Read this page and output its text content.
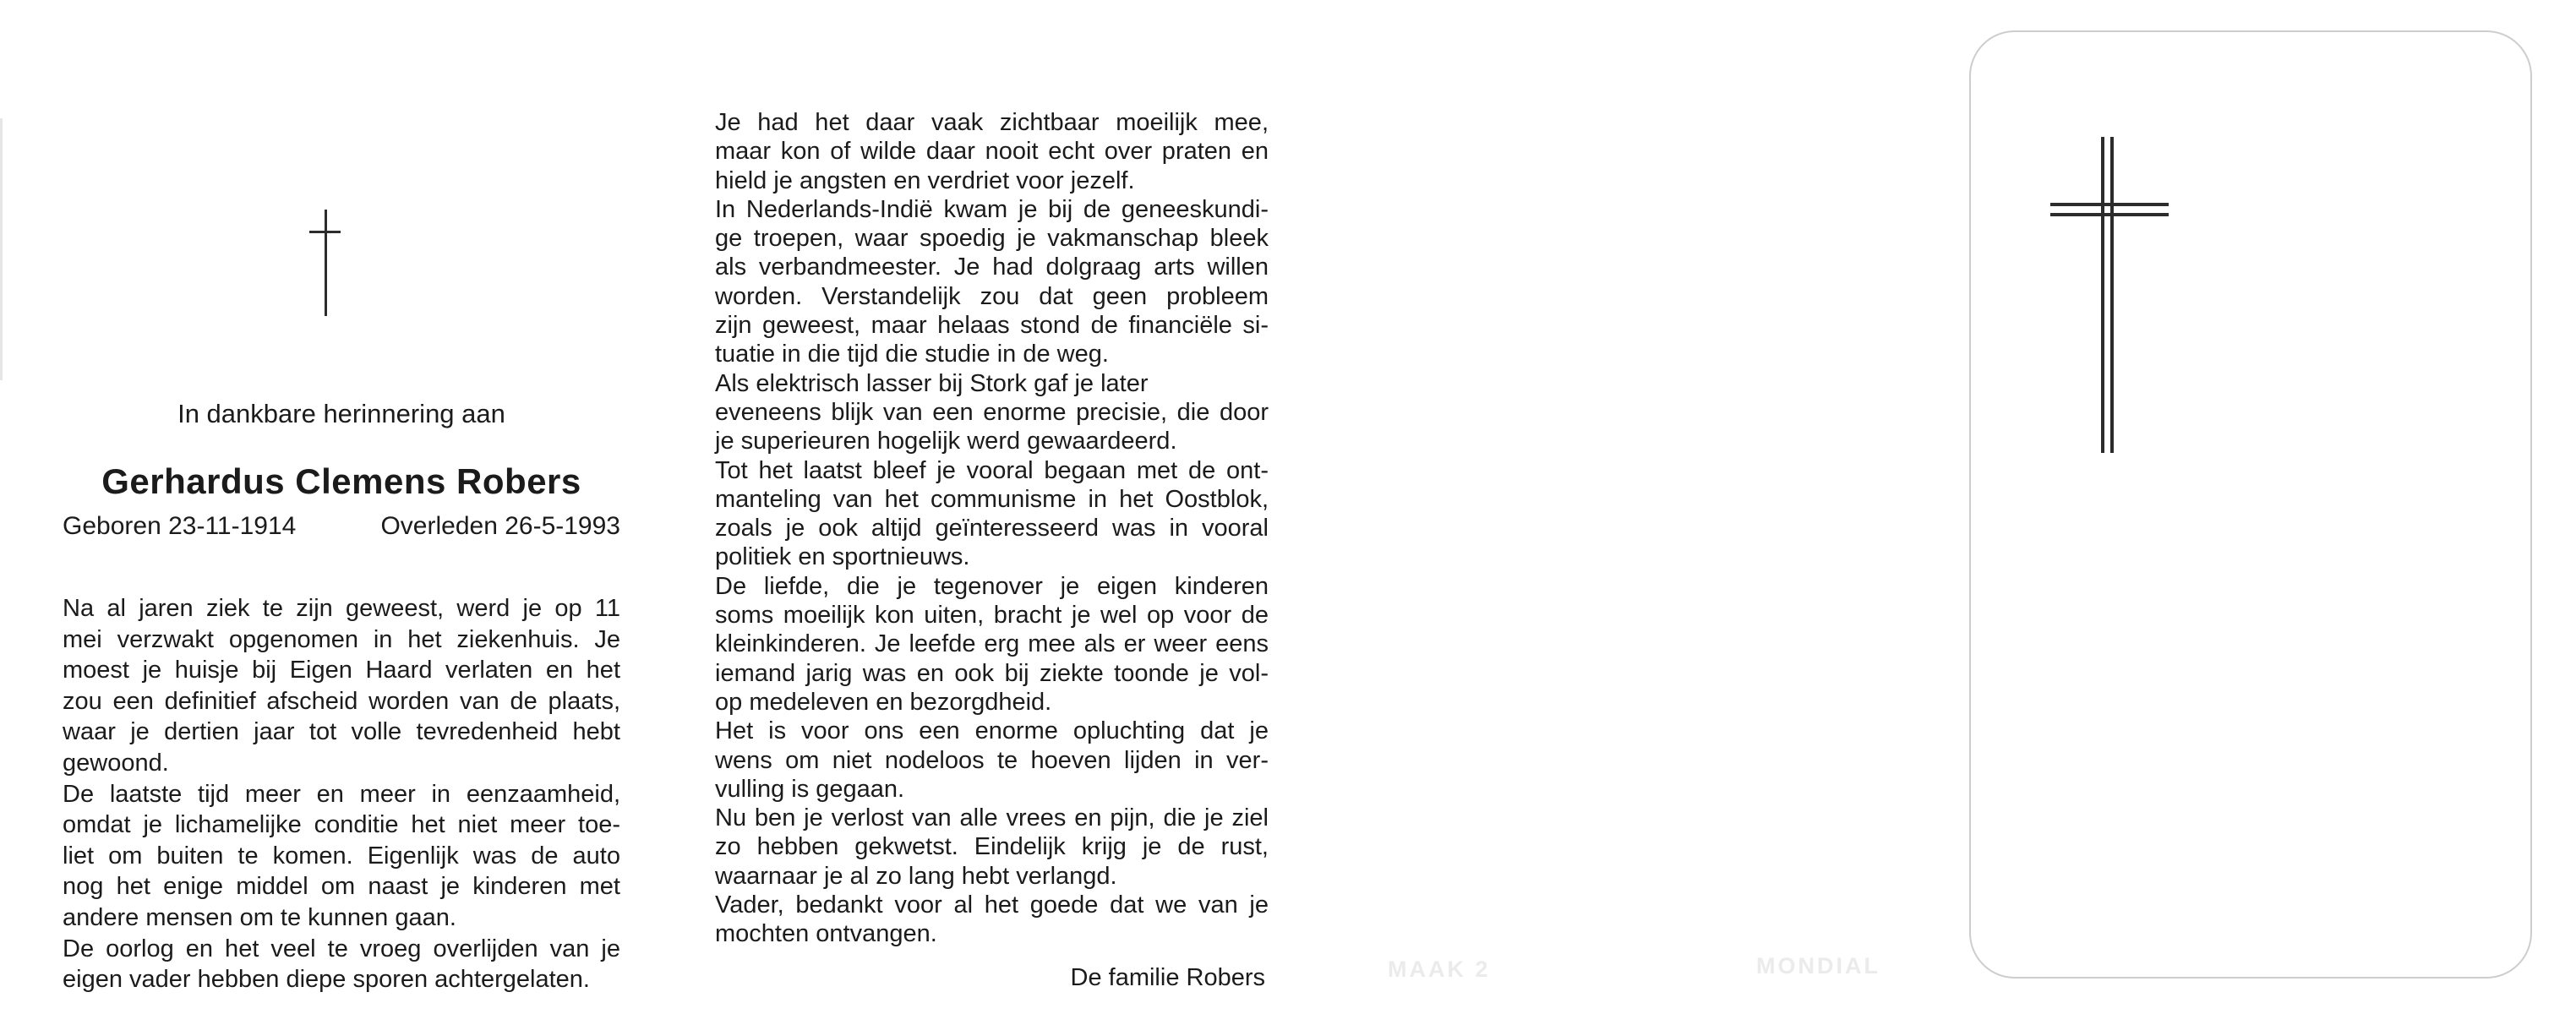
In dankbare herinnering aan
Gerhardus Clemens Robers
Geboren 23-11-1914	Overleden 26-5-1993
Na al jaren ziek te zijn geweest, werd je op 11
mei verzwakt opgenomen in het ziekenhuis. Je
moest je huisje bij Eigen Haard verlaten en het
zou een definitief afscheid worden van de plaats,
waar je dertien jaar tot volle tevredenheid hebt
gewoond.
De laatste tijd meer en meer in eenzaamheid,
omdat je lichamelijke conditie het niet meer toe-
liet om buiten te komen. Eigenlijk was de auto
nog het enige middel om naast je kinderen met
andere mensen om te kunnen gaan.
De oorlog en het veel te vroeg overlijden van je
eigen vader hebben diepe sporen achtergelaten.
Je had het daar vaak zichtbaar moeilijk mee,
maar kon of wilde daar nooit echt over praten en
hield je angsten en verdriet voor jezelf.
In Nederlands-Indië kwam je bij de geneeskundi-
ge troepen, waar spoedig je vakmanschap bleek
als verbandmeester. Je had dolgraag arts willen
worden. Verstandelijk zou dat geen probleem
zijn geweest, maar helaas stond de financiële si-
tuatie in die tijd die studie in de weg.
Als elektrisch lasser bij Stork gaf je later
eveneens blijk van een enorme precisie, die door
je superieuren hogelijk werd gewaardeerd.
Tot het laatst bleef je vooral begaan met de ont-
manteling van het communisme in het Oostblok,
zoals je ook altijd geïnteresseerd was in vooral
politiek en sportnieuws.
De liefde, die je tegenover je eigen kinderen
soms moeilijk kon uiten, bracht je wel op voor de
kleinkinderen. Je leefde erg mee als er weer eens
iemand jarig was en ook bij ziekte toonde je vol-
op medeleven en bezorgdheid.
Het is voor ons een enorme opluchting dat je
wens om niet nodeloos te hoeven lijden in ver-
vulling is gegaan.
Nu ben je verlost van alle vrees en pijn, die je ziel
zo hebben gekwetst. Eindelijk krijg je de rust,
waarnaar je al zo lang hebt verlangd.
Vader, bedankt voor al het goede dat we van je
mochten ontvangen.
De familie Robers	MAAK 2	MONDIAL
